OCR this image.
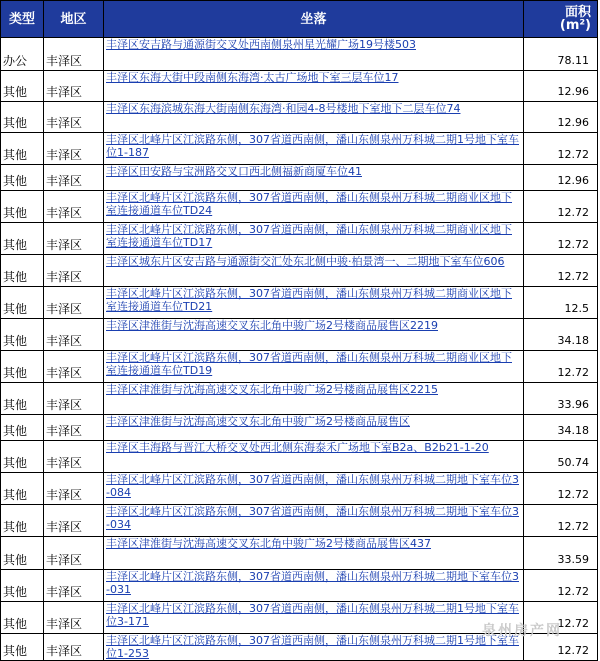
类型	地区	坐落	面积
(m²)

办公	丰泽区	丰泽区安吉路与通源街交叉处西南侧泉州星光耀广场19号楼503	78.11
其他	丰泽区	丰泽区东海大街中段南侧东海湾·太古广场地下室三层车位17	12.96
其他	丰泽区	丰泽区东海滨城东海大街南侧东海湾·和园4-8号楼地下室地下二层车位74	12.96
其他	丰泽区	丰泽区北峰片区江滨路东侧，307省道西南侧，潘山东侧泉州万科城二期1号地下室车位1-187	12.72
其他	丰泽区	丰泽区田安路与宝洲路交叉口西北侧福新商厦车位41	12.96
其他	丰泽区	丰泽区北峰片区江滨路东侧，307省道西南侧，潘山东侧泉州万科城二期商业区地下室连接通道车位TD24	12.72
其他	丰泽区	丰泽区北峰片区江滨路东侧，307省道西南侧，潘山东侧泉州万科城二期商业区地下室连接通道车位TD17	12.72
其他	丰泽区	丰泽区城东片区安吉路与通源街交汇处东北侧中骏·柏景湾一、二期地下室车位606	12.72
其他	丰泽区	丰泽区北峰片区江滨路东侧，307省道西南侧，潘山东侧泉州万科城二期商业区地下室连接通道车位TD21	12.5
其他	丰泽区	丰泽区津淮街与沈海高速交叉东北角中骏广场2号楼商品展售区2219	34.18
其他	丰泽区	丰泽区北峰片区江滨路东侧，307省道西南侧，潘山东侧泉州万科城二期商业区地下室连接通道车位TD19	12.72
其他	丰泽区	丰泽区津淮街与沈海高速交叉东北角中骏广场2号楼商品展售区2215	33.96
其他	丰泽区	丰泽区津淮街与沈海高速交叉东北角中骏广场2号楼商品展售区	34.18
其他	丰泽区	丰泽区丰海路与晋江大桥交叉处西北侧东海泰禾广场地下室B2a、B2b21-1-20	50.74
其他	丰泽区	丰泽区北峰片区江滨路东侧，307省道西南侧，潘山东侧泉州万科城二期地下室车位3-084	12.72
其他	丰泽区	丰泽区北峰片区江滨路东侧，307省道西南侧，潘山东侧泉州万科城二期地下室车位3-034	12.72
其他	丰泽区	丰泽区津淮街与沈海高速交叉东北角中骏广场2号楼商品展售区437	33.59
其他	丰泽区	丰泽区北峰片区江滨路东侧，307省道西南侧，潘山东侧泉州万科城二期地下室车位3-031	12.72
其他	丰泽区	丰泽区北峰片区江滨路东侧，307省道西南侧，潘山东侧泉州万科城二期1号地下室车位3-171	12.72
其他	丰泽区	丰泽区北峰片区江滨路东侧，307省道西南侧，潘山东侧泉州万科城二期1号地下室车位1-253	12.72
泉州房产网
